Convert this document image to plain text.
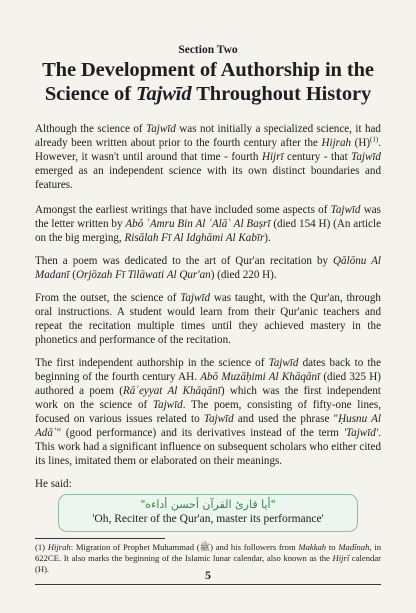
Section Two
The Development of Authorship in the
Science of Tajwīd Throughout History

Although the science of Tajwīd was not initially a specialized science, it had already been written about prior to the fourth century after the Hijrah $(H)^{(1)}$. However, it wasn't until around that time - fourth Hijrī century - that Tajwīd emerged as an independent science with its own distinct boundaries and features.

Amongst the earliest writings that have included some aspects of Tajwīd was the letter written by Abō ʿAmru Bin Al ʿAlāʾ Al Baṣrī (died 154 H) (An article on the big merging, Risālah Fī Al Idghāmi Al Kabīr).

Then a poem was dedicated to the art of Qur'an recitation by Qālōnu Al Madanī (Orjōzah Fī Tilāwati Al Qur'an) (died 220 H).

From the outset, the science of Tajwīd was taught, with the Qur'an, through oral instructions. A student would learn from their Qur'anic teachers and repeat the recitation multiple times until they achieved mastery in the phonetics and performance of the recitation.

The first independent authorship in the science of Tajwīd dates back to the beginning of the fourth century AH. Abō Muzāḥimi Al Khāqānī (died 325 H) authored a poem (Rāʾeyyat Al Khāqānī) which was the first independent work on the science of Tajwīd. The poem, consisting of fifty-one lines, focused on various issues related to Tajwīd and used the phrase "Ḥusnu Al Adāʾ" (good performance) and its derivatives instead of the term 'Tajwīd'. This work had a significant influence on subsequent scholars who either cited its lines, imitated them or elaborated on their meanings.

He said:
"أيا قارئ القرآن أحسن أداءه"
'Oh, Reciter of the Qur'an, master its performance'
(1) Hijrah: Migration of Prophet Muhammad (ﷺ) and his followers from Makkah to Madīnah, in 622CE. It also marks the beginning of the Islamic lunar calendar, also known as the Hijrī calendar (H).	5
